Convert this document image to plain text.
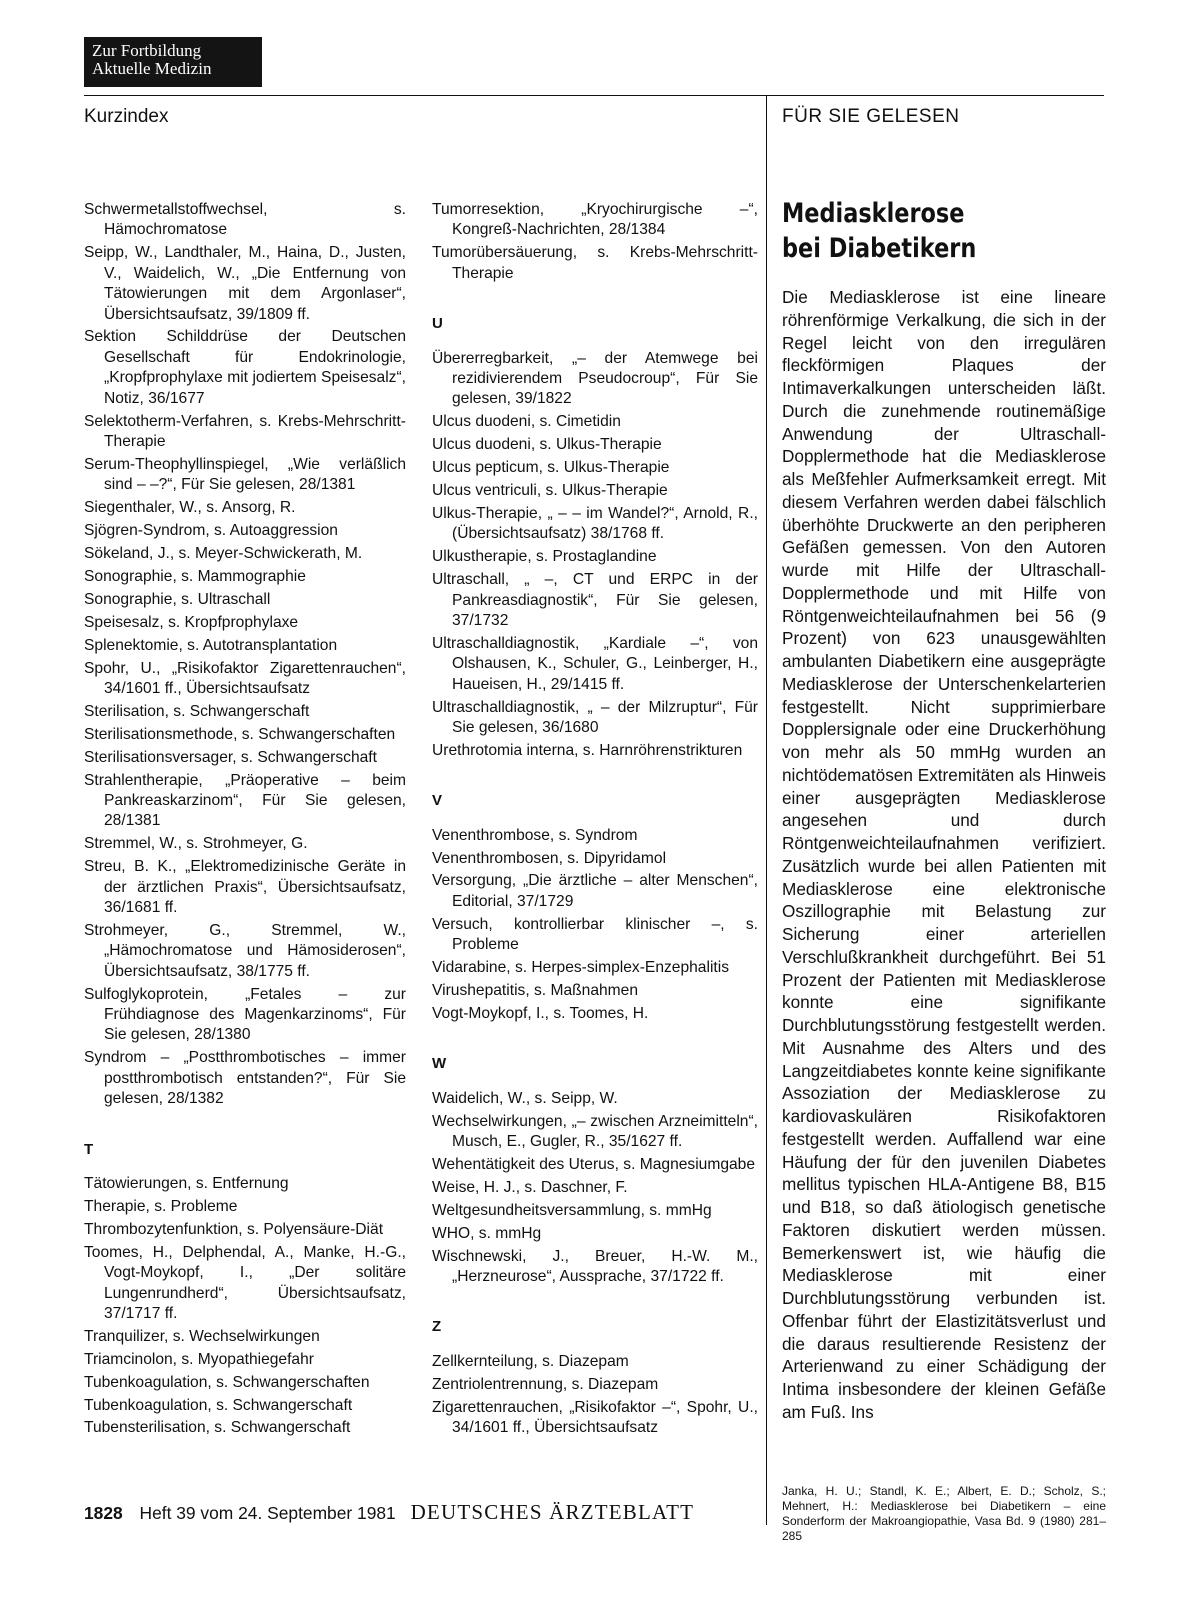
Zur Fortbildung
Aktuelle Medizin
Kurzindex	FÜR SIE GELESEN
Schwermetallstoffwechsel, s. Hämochromatose
Seipp, W., Landthaler, M., Haina, D., Justen, V., Waidelich, W., „Die Entfernung von Tätowierungen mit dem Argonlaser“, Übersichtsaufsatz, 39/1809 ff.
Sektion Schilddrüse der Deutschen Gesellschaft für Endokrinologie, „Kropfprophylaxe mit jodiertem Speisesalz“, Notiz, 36/1677
Selektotherm-Verfahren, s. Krebs-Mehrschritt-Therapie
Serum-Theophyllinspiegel, „Wie verläßlich sind – –?“, Für Sie gelesen, 28/1381
Siegenthaler, W., s. Ansorg, R.
Sjögren-Syndrom, s. Autoaggression
Sökeland, J., s. Meyer-Schwickerath, M.
Sonographie, s. Mammographie
Sonographie, s. Ultraschall
Speisesalz, s. Kropfprophylaxe
Splenektomie, s. Autotransplantation
Spohr, U., „Risikofaktor Zigarettenrauchen“, 34/1601 ff., Übersichtsaufsatz
Sterilisation, s. Schwangerschaft
Sterilisationsmethode, s. Schwangerschaften
Sterilisationsversager, s. Schwangerschaft
Strahlentherapie, „Präoperative – beim Pankreaskarzinom“, Für Sie gelesen, 28/1381
Stremmel, W., s. Strohmeyer, G.
Streu, B. K., „Elektromedizinische Geräte in der ärztlichen Praxis“, Übersichtsaufsatz, 36/1681 ff.
Strohmeyer, G., Stremmel, W., „Hämochromatose und Hämosiderosen“, Übersichtsaufsatz, 38/1775 ff.
Sulfoglykoprotein, „Fetales – zur Frühdiagnose des Magenkarzinoms“, Für Sie gelesen, 28/1380
Syndrom – „Postthrombotisches – immer postthrombotisch entstanden?“, Für Sie gelesen, 28/1382
T
Tätowierungen, s. Entfernung
Therapie, s. Probleme
Thrombozytenfunktion, s. Polyensäure-Diät
Toomes, H., Delphendal, A., Manke, H.-G., Vogt-Moykopf, I., „Der solitäre Lungenrundherd“, Übersichtsaufsatz, 37/1717 ff.
Tranquilizer, s. Wechselwirkungen
Triamcinolon, s. Myopathiegefahr
Tubenkoagulation, s. Schwangerschaften
Tubenkoagulation, s. Schwangerschaft
Tubensterilisation, s. Schwangerschaft
Tumorresektion, „Kryochirurgische –“, Kongreß-Nachrichten, 28/1384
Tumorübersäuerung, s. Krebs-Mehrschritt-Therapie
U
Übererregbarkeit, „– der Atemwege bei rezidivierendem Pseudocroup“, Für Sie gelesen, 39/1822
Ulcus duodeni, s. Cimetidin
Ulcus duodeni, s. Ulkus-Therapie
Ulcus pepticum, s. Ulkus-Therapie
Ulcus ventriculi, s. Ulkus-Therapie
Ulkus-Therapie, „ – – im Wandel?“, Arnold, R., (Übersichtsaufsatz) 38/1768 ff.
Ulkustherapie, s. Prostaglandine
Ultraschall, „ –, CT und ERPC in der Pankreasdiagnostik“, Für Sie gelesen, 37/1732
Ultraschalldiagnostik, „Kardiale –“, von Olshausen, K., Schuler, G., Leinberger, H., Haueisen, H., 29/1415 ff.
Ultraschalldiagnostik, „ – der Milzruptur“, Für Sie gelesen, 36/1680
Urethrotomia interna, s. Harnröhrenstrikturen
V
Venenthrombose, s. Syndrom
Venenthrombosen, s. Dipyridamol
Versorgung, „Die ärztliche – alter Menschen“, Editorial, 37/1729
Versuch, kontrollierbar klinischer –, s. Probleme
Vidarabine, s. Herpes-simplex-Enzephalitis
Virushepatitis, s. Maßnahmen
Vogt-Moykopf, I., s. Toomes, H.
W
Waidelich, W., s. Seipp, W.
Wechselwirkungen, „– zwischen Arzneimitteln“, Musch, E., Gugler, R., 35/1627 ff.
Wehentätigkeit des Uterus, s. Magnesiumgabe
Weise, H. J., s. Daschner, F.
Weltgesundheitsversammlung, s. mmHg
WHO, s. mmHg
Wischnewski, J., Breuer, H.-W. M., „Herzneurose“, Aussprache, 37/1722 ff.
Z
Zellkernteilung, s. Diazepam
Zentriolentrennung, s. Diazepam
Zigarettenrauchen, „Risikofaktor –“, Spohr, U., 34/1601 ff., Übersichtsaufsatz
Mediasklerose
bei Diabetikern
Die Mediasklerose ist eine lineare röhrenförmige Verkalkung, die sich in der Regel leicht von den irregulären fleckförmigen Plaques der Intimaverkalkungen unterscheiden läßt. Durch die zunehmende routinemäßige Anwendung der Ultraschall-Dopplermethode hat die Mediasklerose als Meßfehler Aufmerksamkeit erregt. Mit diesem Verfahren werden dabei fälschlich überhöhte Druckwerte an den peripheren Gefäßen gemessen. Von den Autoren wurde mit Hilfe der Ultraschall-Dopplermethode und mit Hilfe von Röntgenweichteilaufnahmen bei 56 (9 Prozent) von 623 unausgewählten ambulanten Diabetikern eine ausgeprägte Mediasklerose der Unterschenkelarterien festgestellt. Nicht supprimierbare Dopplersignale oder eine Druckerhöhung von mehr als 50 mmHg wurden an nichtödematösen Extremitäten als Hinweis einer ausgeprägten Mediasklerose angesehen und durch Röntgenweichteilaufnahmen verifiziert. Zusätzlich wurde bei allen Patienten mit Mediasklerose eine elektronische Oszillographie mit Belastung zur Sicherung einer arteriellen Verschlußkrankheit durchgeführt. Bei 51 Prozent der Patienten mit Mediasklerose konnte eine signifikante Durchblutungsstörung festgestellt werden. Mit Ausnahme des Alters und des Langzeitdiabetes konnte keine signifikante Assoziation der Mediasklerose zu kardiovaskulären Risikofaktoren festgestellt werden. Auffallend war eine Häufung der für den juvenilen Diabetes mellitus typischen HLA-Antigene B8, B15 und B18, so daß ätiologisch genetische Faktoren diskutiert werden müssen. Bemerkenswert ist, wie häufig die Mediasklerose mit einer Durchblutungsstörung verbunden ist. Offenbar führt der Elastizitätsverlust und die daraus resultierende Resistenz der Arterienwand zu einer Schädigung der Intima insbesondere der kleinen Gefäße am Fuß. Ins
Janka, H. U.; Standl, K. E.; Albert, E. D.; Scholz, S.; Mehnert, H.: Mediasklerose bei Diabetikern – eine Sonderform der Makroangiopathie, Vasa Bd. 9 (1980) 281–285
1828 Heft 39 vom 24. September 1981 DEUTSCHES ÄRZTEBLATT
